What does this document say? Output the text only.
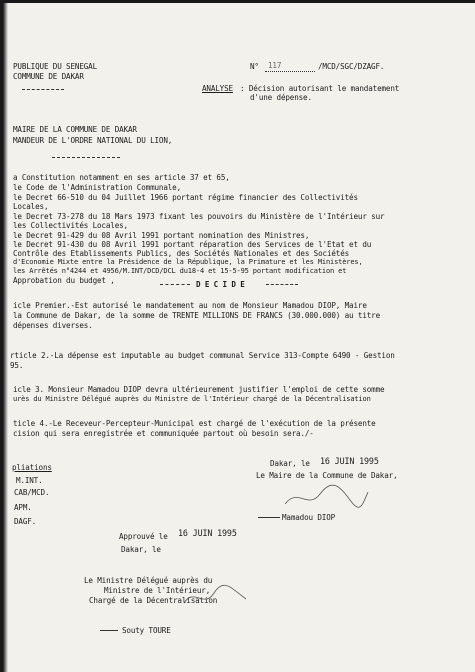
PUBLIQUE DU SENEGAL
COMMUNE DE DAKAR
N° 117	/MCD/SGC/DZAGF.
ANALYSE : Décision autorisant le mandatement
d'une dépense.
MAIRE DE LA COMMUNE DE DAKAR
MANDEUR DE L'ORDRE NATIONAL DU LION,
a Constitution notamment en ses article 37 et 65,
le Code de l'Administration Communale,
le Decret 66-510 du 04 Juillet 1966 portant régime financier des Collectivités
Locales,
le Decret 73-278 du 18 Mars 1973 fixant les pouvoirs du Ministère de l'Intérieur sur
les Collectivités Locales,
le Decret 91-429 du 08 Avril 1991 portant nomination des Ministres,
le Decret 91-430 du 08 Avril 1991 portant réparation des Services de l'Etat et du
Contrôle des Etablissements Publics, des Sociétés Nationales et des Sociétés
d'Economie Mixte entre la Présidence de la République, la Primature et les Ministères,
les Arrêtés n°4244 et 4956/M.INT/DCD/DCL du18-4 et 15-5-95 portant modification et
Approbation du budget ,	D E C I D E
icle Premier.-Est autorisé le mandatement au nom de Monsieur Mamadou DIOP, Maire
la Commune de Dakar, de la somme de TRENTE MILLIONS DE FRANCS (30.000.000) au titre
dépenses diverses.
rticle 2.-La dépense est imputable au budget communal Service 313-Compte 6490 - Gestion
95.
icle 3. Monsieur Mamadou DIOP devra ultérieurement justifier l'emploi de cette somme
urès du Ministre Délégué auprès du Ministre de l'Intérieur chargé de la Décentralisation
ticle 4.-Le Receveur-Percepteur-Municipal est chargé de l'exécution de la présente
cision qui sera enregistrée et communiquée partout où besoin sera./-
pliations
M.INT.
CAB/MCD.
APM.
DAGF.
Dakar, le 16 JUIN 1995
Le Maire de la Commune de Dakar,
Mamadou DIOP
Approuvé le 16 JUIN 1995
Dakar, le
Le Ministre Délégué auprès du
Ministre de l'Intérieur,
Chargé de la Décentralisation
Souty TOURE
